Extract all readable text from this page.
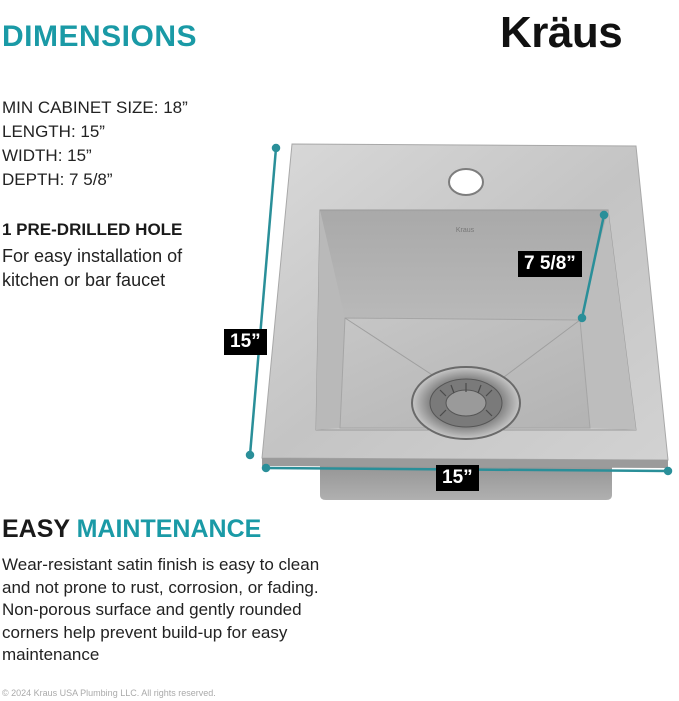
DIMENSIONS	Kräus
MIN CABINET SIZE: 18”
LENGTH: 15”
WIDTH: 15”
DEPTH: 7 5/8”
1 PRE-DRILLED HOLE
For easy installation of kitchen or bar faucet
Kraus
15”
15”
7 5/8”
EASY MAINTENANCE
Wear-resistant satin finish is easy to clean and not prone to rust, corrosion, or fading. Non-porous surface and gently rounded corners help prevent build-up for easy maintenance
© 2024 Kraus USA Plumbing LLC. All rights reserved.
